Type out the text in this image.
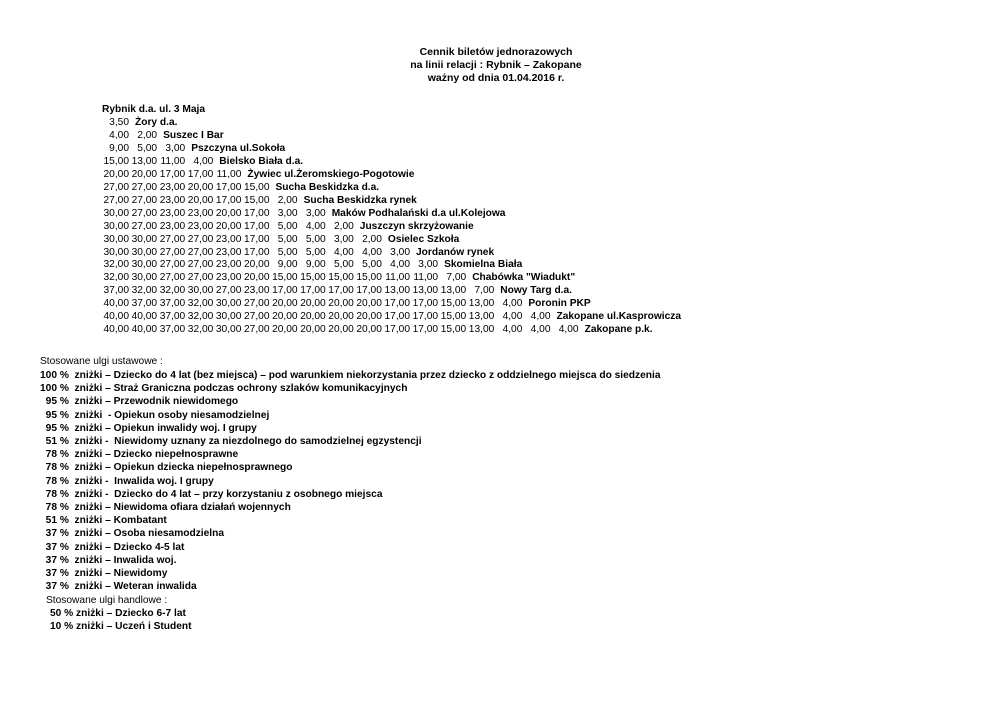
Cennik biletów jednorazowych
na linii relacji : Rybnik – Zakopane
ważny od dnia 01.04.2016 r.
Rybnik d.a. ul. 3 Maja
3,50 Żory d.a.
4,00 2,00 Suszec I Bar
9,00 5,00 3,00 Pszczyna ul.Sokoła
15,00 13,00 11,00 4,00 Bielsko Biała d.a.
20,00 20,00 17,00 17,00 11,00 Żywiec ul.Żeromskiego-Pogotowie
27,00 27,00 23,00 20,00 17,00 15,00 Sucha Beskidzka d.a.
27,00 27,00 23,00 20,00 17,00 15,00 2,00 Sucha Beskidzka rynek
30,00 27,00 23,00 23,00 20,00 17,00 3,00 3,00 Maków Podhalański d.a ul.Kolejowa
30,00 27,00 23,00 23,00 20,00 17,00 5,00 4,00 2,00 Juszczyn skrzyżowanie
30,00 30,00 27,00 27,00 23,00 17,00 5,00 5,00 3,00 2,00 Osielec Szkoła
30,00 30,00 27,00 27,00 23,00 17,00 5,00 5,00 4,00 4,00 3,00 Jordanów rynek
32,00 30,00 27,00 27,00 23,00 20,00 9,00 9,00 5,00 5,00 4,00 3,00 Skomielna Biała
32,00 30,00 27,00 27,00 23,00 20,00 15,00 15,00 15,00 15,00 11,00 11,00 7,00 Chabówka "Wiadukt"
37,00 32,00 32,00 30,00 27,00 23,00 17,00 17,00 17,00 17,00 13,00 13,00 13,00 7,00 Nowy Targ d.a.
40,00 37,00 37,00 32,00 30,00 27,00 20,00 20,00 20,00 20,00 17,00 17,00 15,00 13,00 4,00 Poronin PKP
40,00 40,00 37,00 32,00 30,00 27,00 20,00 20,00 20,00 20,00 17,00 17,00 15,00 13,00 4,00 4,00 Zakopane ul.Kasprowicza
40,00 40,00 37,00 32,00 30,00 27,00 20,00 20,00 20,00 20,00 17,00 17,00 15,00 13,00 4,00 4,00 4,00 Zakopane p.k.
Stosowane ulgi ustawowe :
100 %  zniżki – Dziecko do 4 lat (bez miejsca) – pod warunkiem niekorzystania przez dziecko z oddzielnego miejsca do siedzenia
100 %  zniżki – Straż Graniczna podczas ochrony szlaków komunikacyjnych
95 %  zniżki – Przewodnik niewidomego
95 %  zniżki  - Opiekun osoby niesamodzielnej
95 %  zniżki – Opiekun inwalidy woj. I grupy
51 %  zniżki -  Niewidomy uznany za niezdolnego do samodzielnej egzystencji
78 %  zniżki – Dziecko niepełnosprawne
78 %  zniżki – Opiekun dziecka niepełnosprawnego
78 %  zniżki -  Inwalida woj. I grupy
78 %  zniżki -  Dziecko do 4 lat – przy korzystaniu z osobnego miejsca
78 %  zniżki – Niewidoma ofiara działań wojennych
51 %  zniżki – Kombatant
37 %  zniżki – Osoba niesamodzielna
37 %  zniżki – Dziecko 4-5 lat
37 %  zniżki – Inwalida woj.
37 %  zniżki – Niewidomy
37 %  zniżki – Weteran inwalida
Stosowane ulgi handlowe :
50 % zniżki – Dziecko 6-7 lat
10 % zniżki – Uczeń i Student
